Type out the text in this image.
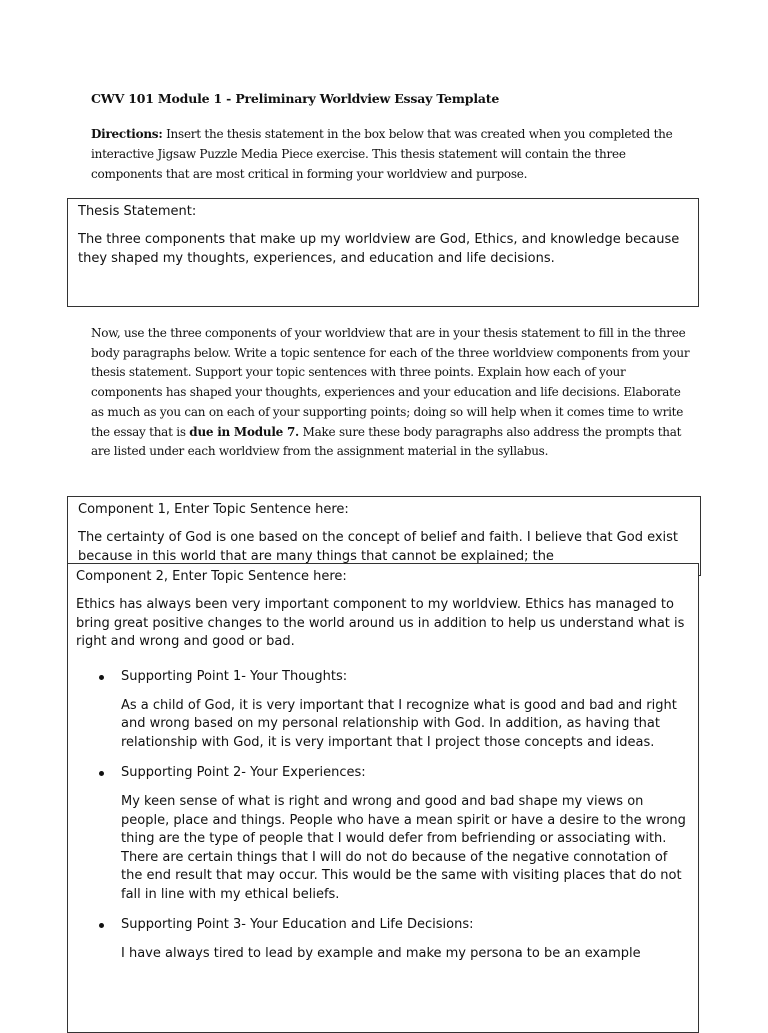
CWV 101 Module 1 - Preliminary Worldview Essay Template
Directions: Insert the thesis statement in the box below that was created when you completed the interactive Jigsaw Puzzle Media Piece exercise. This thesis statement will contain the three components that are most critical in forming your worldview and purpose.
Thesis Statement:
The three components that make up my worldview are God, Ethics, and knowledge because they shaped my thoughts, experiences, and education and life decisions.
Now, use the three components of your worldview that are in your thesis statement to fill in the three body paragraphs below. Write a topic sentence for each of the three worldview components from your thesis statement. Support your topic sentences with three points. Explain how each of your components has shaped your thoughts, experiences and your education and life decisions. Elaborate as much as you can on each of your supporting points; doing so will help when it comes time to write the essay that is due in Module 7. Make sure these body paragraphs also address the prompts that are listed under each worldview from the assignment material in the syllabus.
Component 1, Enter Topic Sentence here:
The certainty of God is one based on the concept of belief and faith. I believe that God exist because in this world that are many things that cannot be explained; the
Component 2, Enter Topic Sentence here:
Ethics has always been very important component to my worldview. Ethics has managed to bring great positive changes to the world around us in addition to help us understand what is right and wrong and good or bad.
Supporting Point 1- Your Thoughts:
As a child of God, it is very important that I recognize what is good and bad and right and wrong based on my personal relationship with God. In addition, as having that relationship with God, it is very important that I project those concepts and ideas.
Supporting Point 2- Your Experiences:
My keen sense of what is right and wrong and good and bad shape my views on people, place and things. People who have a mean spirit or have a desire to the wrong thing are the type of people that I would defer from befriending or associating with. There are certain things that I will do not do because of the negative connotation of the end result that may occur. This would be the same with visiting places that do not fall in line with my ethical beliefs.
Supporting Point 3- Your Education and Life Decisions:
I have always tired to lead by example and make my persona to be an example
